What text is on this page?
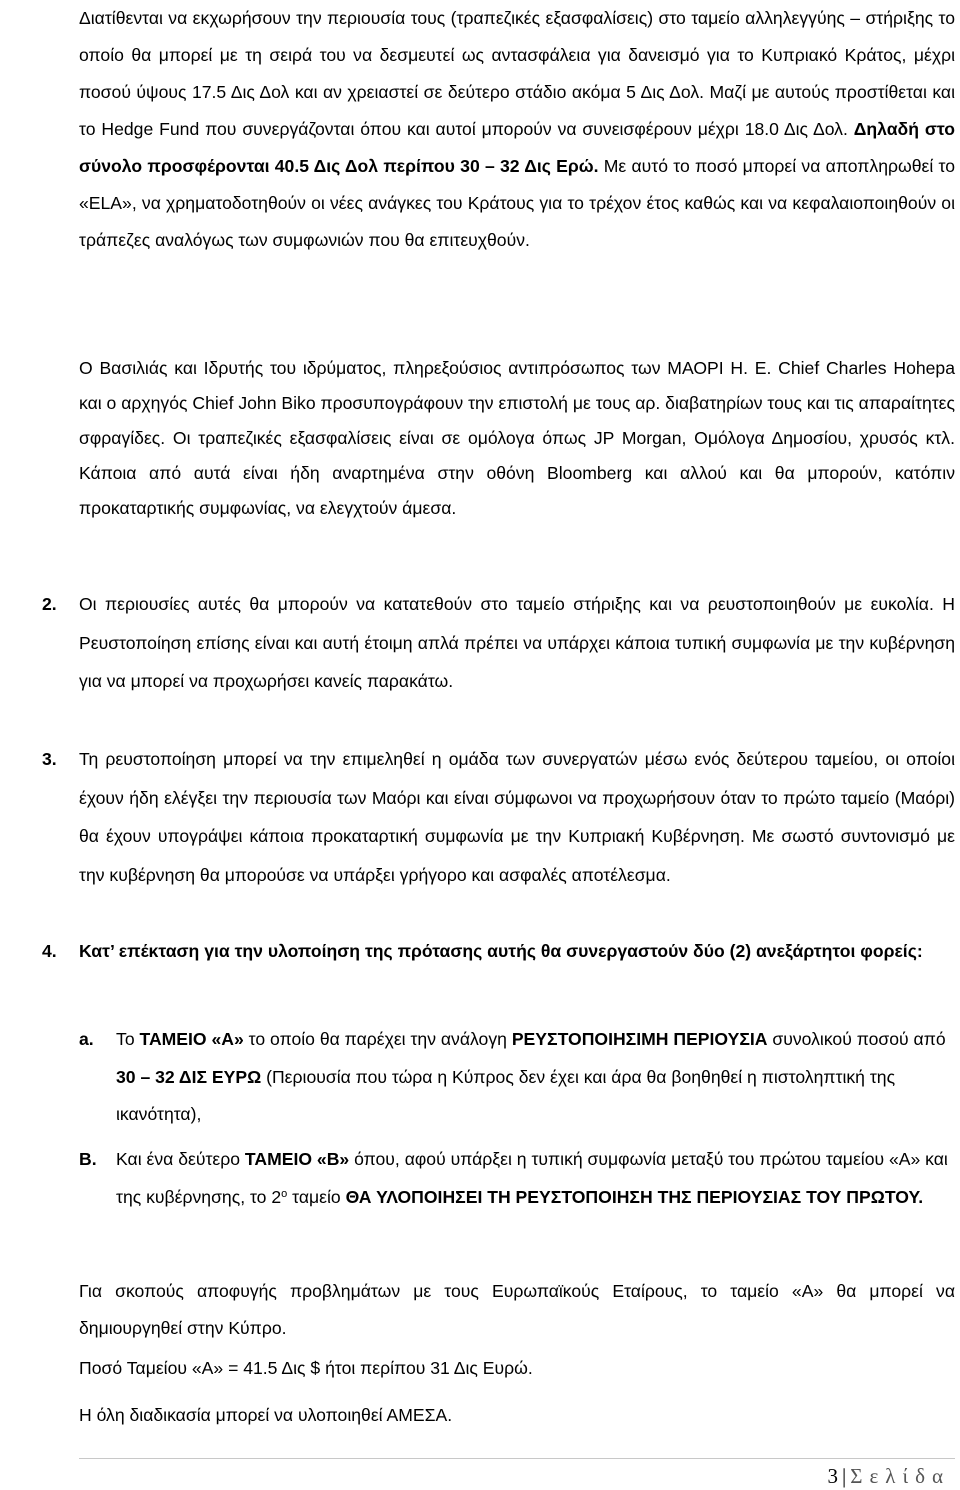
Διατίθενται να εκχωρήσουν την περιουσία τους (τραπεζικές εξασφαλίσεις) στο ταμείο αλληλεγγύης – στήριξης το οποίο θα μπορεί με τη σειρά του να δεσμευτεί ως αντασφάλεια για δανεισμό για το Κυπριακό Κράτος, μέχρι ποσού ύψους 17.5 Δις Δολ και αν χρειαστεί σε δεύτερο στάδιο ακόμα 5 Δις Δολ. Μαζί με αυτούς προστίθεται και το Hedge Fund που συνεργάζονται όπου και αυτοί μπορούν να συνεισφέρουν μέχρι 18.0 Δις Δολ. Δηλαδή στο σύνολο προσφέρονται 40.5 Δις Δολ περίπου 30 – 32 Δις Ερώ. Με αυτό το ποσό μπορεί να αποπληρωθεί το «ELA», να χρηματοδοτηθούν οι νέες ανάγκες του Κράτους για το τρέχον έτος καθώς και να κεφαλαιοποιηθούν οι τράπεζες αναλόγως των συμφωνιών που θα επιτευχθούν.

Ο Βασιλιάς και Ιδρυτής του ιδρύματος, πληρεξούσιος αντιπρόσωπος των ΜΑΟΡΙ Η. Ε. Chief Charles Hohepa και ο αρχηγός Chief John Biko προσυπογράφουν την επιστολή με τους αρ. διαβατηρίων τους και τις απαραίτητες σφραγίδες. Οι τραπεζικές εξασφαλίσεις είναι σε ομόλογα όπως JP Morgan, Ομόλογα Δημοσίου, χρυσός κτλ. Κάποια από αυτά είναι ήδη αναρτημένα στην οθόνη Bloomberg και αλλού και θα μπορούν, κατόπιν προκαταρτικής συμφωνίας, να ελεγχτούν άμεσα.

2. Οι περιουσίες αυτές θα μπορούν να κατατεθούν στο ταμείο στήριξης και να ρευστοποιηθούν με ευκολία. Η Ρευστοποίηση επίσης είναι και αυτή έτοιμη απλά πρέπει να υπάρχει κάποια τυπική συμφωνία με την κυβέρνηση για να μπορεί να προχωρήσει κανείς παρακάτω.

3. Τη ρευστοποίηση μπορεί να την επιμεληθεί η ομάδα των συνεργατών μέσω ενός δεύτερου ταμείου, οι οποίοι έχουν ήδη ελέγξει την περιουσία των Μαόρι και είναι σύμφωνοι να προχωρήσουν όταν το πρώτο ταμείο (Μαόρι) θα έχουν υπογράψει κάποια προκαταρτική συμφωνία με την Κυπριακή Κυβέρνηση. Με σωστό συντονισμό με την κυβέρνηση θα μπορούσε να υπάρξει γρήγορο και ασφαλές αποτέλεσμα.

4. Κατ’ επέκταση για την υλοποίηση της πρότασης αυτής θα συνεργαστούν δύο (2) ανεξάρτητοι φορείς:

a. Το ΤΑΜΕΙΟ «Α» το οποίο θα παρέχει την ανάλογη ΡΕΥΣΤΟΠΟΙΗΣΙΜΗ ΠΕΡΙΟΥΣΙΑ συνολικού ποσού από 30 – 32 ΔΙΣ ΕΥΡΩ (Περιουσία που τώρα η Κύπρος δεν έχει και άρα θα βοηθηθεί η πιστοληπτική της ικανότητα),

B. Και ένα δεύτερο ΤΑΜΕΙΟ «Β» όπου, αφού υπάρξει η τυπική συμφωνία μεταξύ του πρώτου ταμείου «Α» και της κυβέρνησης, το $2^o$ ταμείο ΘΑ ΥΛΟΠΟΙΗΣΕΙ ΤΗ ΡΕΥΣΤΟΠΟΙΗΣΗ ΤΗΣ ΠΕΡΙΟΥΣΙΑΣ ΤΟΥ ΠΡΩΤΟΥ.

Για σκοπούς αποφυγής προβλημάτων με τους Ευρωπαϊκούς Εταίρους, το ταμείο «Α» θα μπορεί να δημιουργηθεί στην Κύπρο.

Ποσό Ταμείου «Α» = 41.5 Δις $ ήτοι περίπου 31 Δις Ευρώ.

Η όλη διαδικασία μπορεί να υλοποιηθεί ΑΜΕΣΑ.

3 | Σελίδα
